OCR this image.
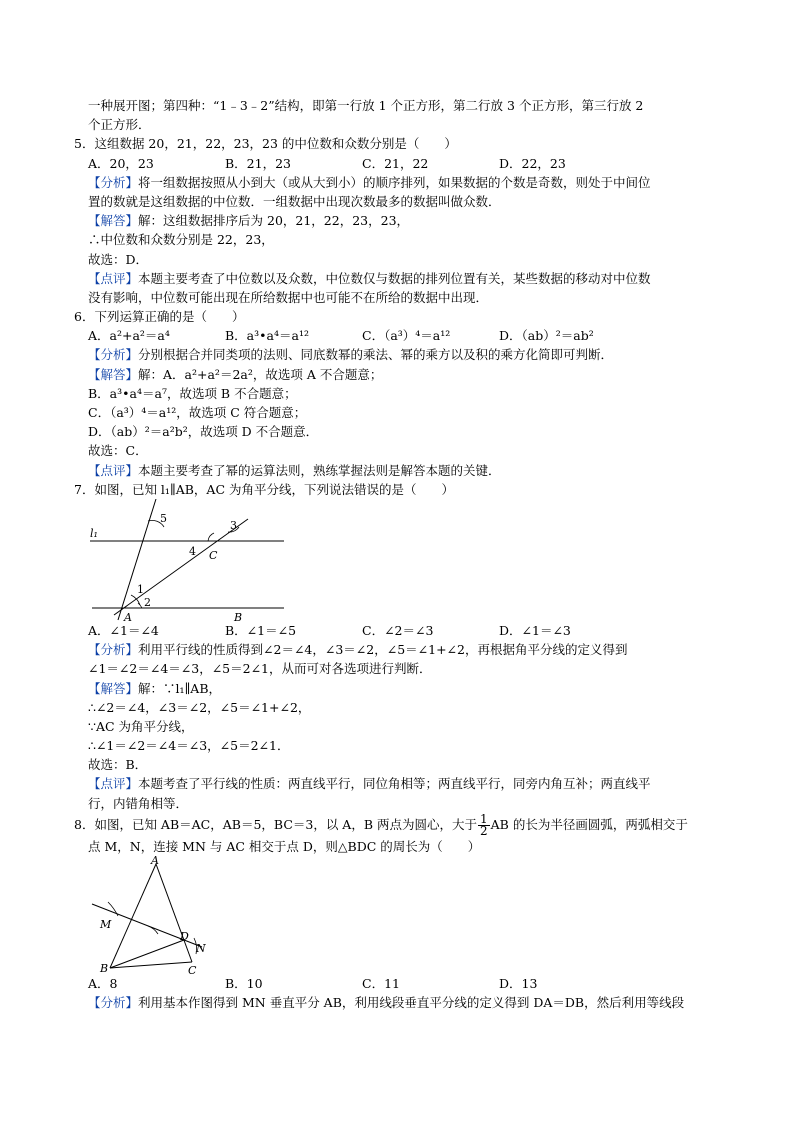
一种展开图；第四种：“1﹣3﹣2”结构，即第一行放 1 个正方形，第二行放 3 个正方形，第三行放 2
个正方形．
5．这组数据 20，21，22，23，23 的中位数和众数分别是（　　）
A．20，23	B．21，23	C．21，22	D．22，23
【分析】将一组数据按照从小到大（或从大到小）的顺序排列，如果数据的个数是奇数，则处于中间位
置的数就是这组数据的中位数．一组数据中出现次数最多的数据叫做众数．
【解答】解：这组数据排序后为 20，21，22，23，23，
∴中位数和众数分别是 22，23，
故选：D．
【点评】本题主要考查了中位数以及众数，中位数仅与数据的排列位置有关，某些数据的移动对中位数
没有影响，中位数可能出现在所给数据中也可能不在所给的数据中出现．
6．下列运算正确的是（　　）
A．a²+a²＝a⁴	B．a³•a⁴＝a¹²	C．（a³）⁴＝a¹²	D．（ab）²＝ab²
【分析】分别根据合并同类项的法则、同底数幂的乘法、幂的乘方以及积的乘方化简即可判断．
【解答】解：A．a²+a²＝2a²，故选项 A 不合题意；
B．a³•a⁴＝a⁷，故选项 B 不合题意；
C．（a³）⁴＝a¹²，故选项 C 符合题意；
D．（ab）²＝a²b²，故选项 D 不合题意．
故选：C．
【点评】本题主要考查了幂的运算法则，熟练掌握法则是解答本题的关键．
7．如图，已知 l₁∥AB，AC 为角平分线，下列说法错误的是（　　）
5
l₁
4 C
3
1
2
A	B
A．∠1＝∠4	B．∠1＝∠5	C．∠2＝∠3	D．∠1＝∠3
【分析】利用平行线的性质得到∠2＝∠4，∠3＝∠2，∠5＝∠1+∠2，再根据角平分线的定义得到
∠1＝∠2＝∠4＝∠3，∠5＝2∠1，从而可对各选项进行判断．
【解答】解：∵l₁∥AB，
∴∠2＝∠4，∠3＝∠2，∠5＝∠1+∠2，
∵AC 为角平分线，
∴∠1＝∠2＝∠4＝∠3，∠5＝2∠1．
故选：B．
【点评】本题考查了平行线的性质：两直线平行，同位角相等；两直线平行，同旁内角互补；两直线平
行，内错角相等．
8．如图，已知 AB＝AC，AB＝5，BC＝3，以 A，B 两点为圆心，大于 $\frac{1}{2}$ AB 的长为半径画圆弧，两弧相交于
点 M，N，连接 MN 与 AC 相交于点 D，则△BDC 的周长为（　　）
A
M
D
N
B	C
A．8	B．10	C．11	D．13
【分析】利用基本作图得到 MN 垂直平分 AB，利用线段垂直平分线的定义得到 DA＝DB，然后利用等线段
